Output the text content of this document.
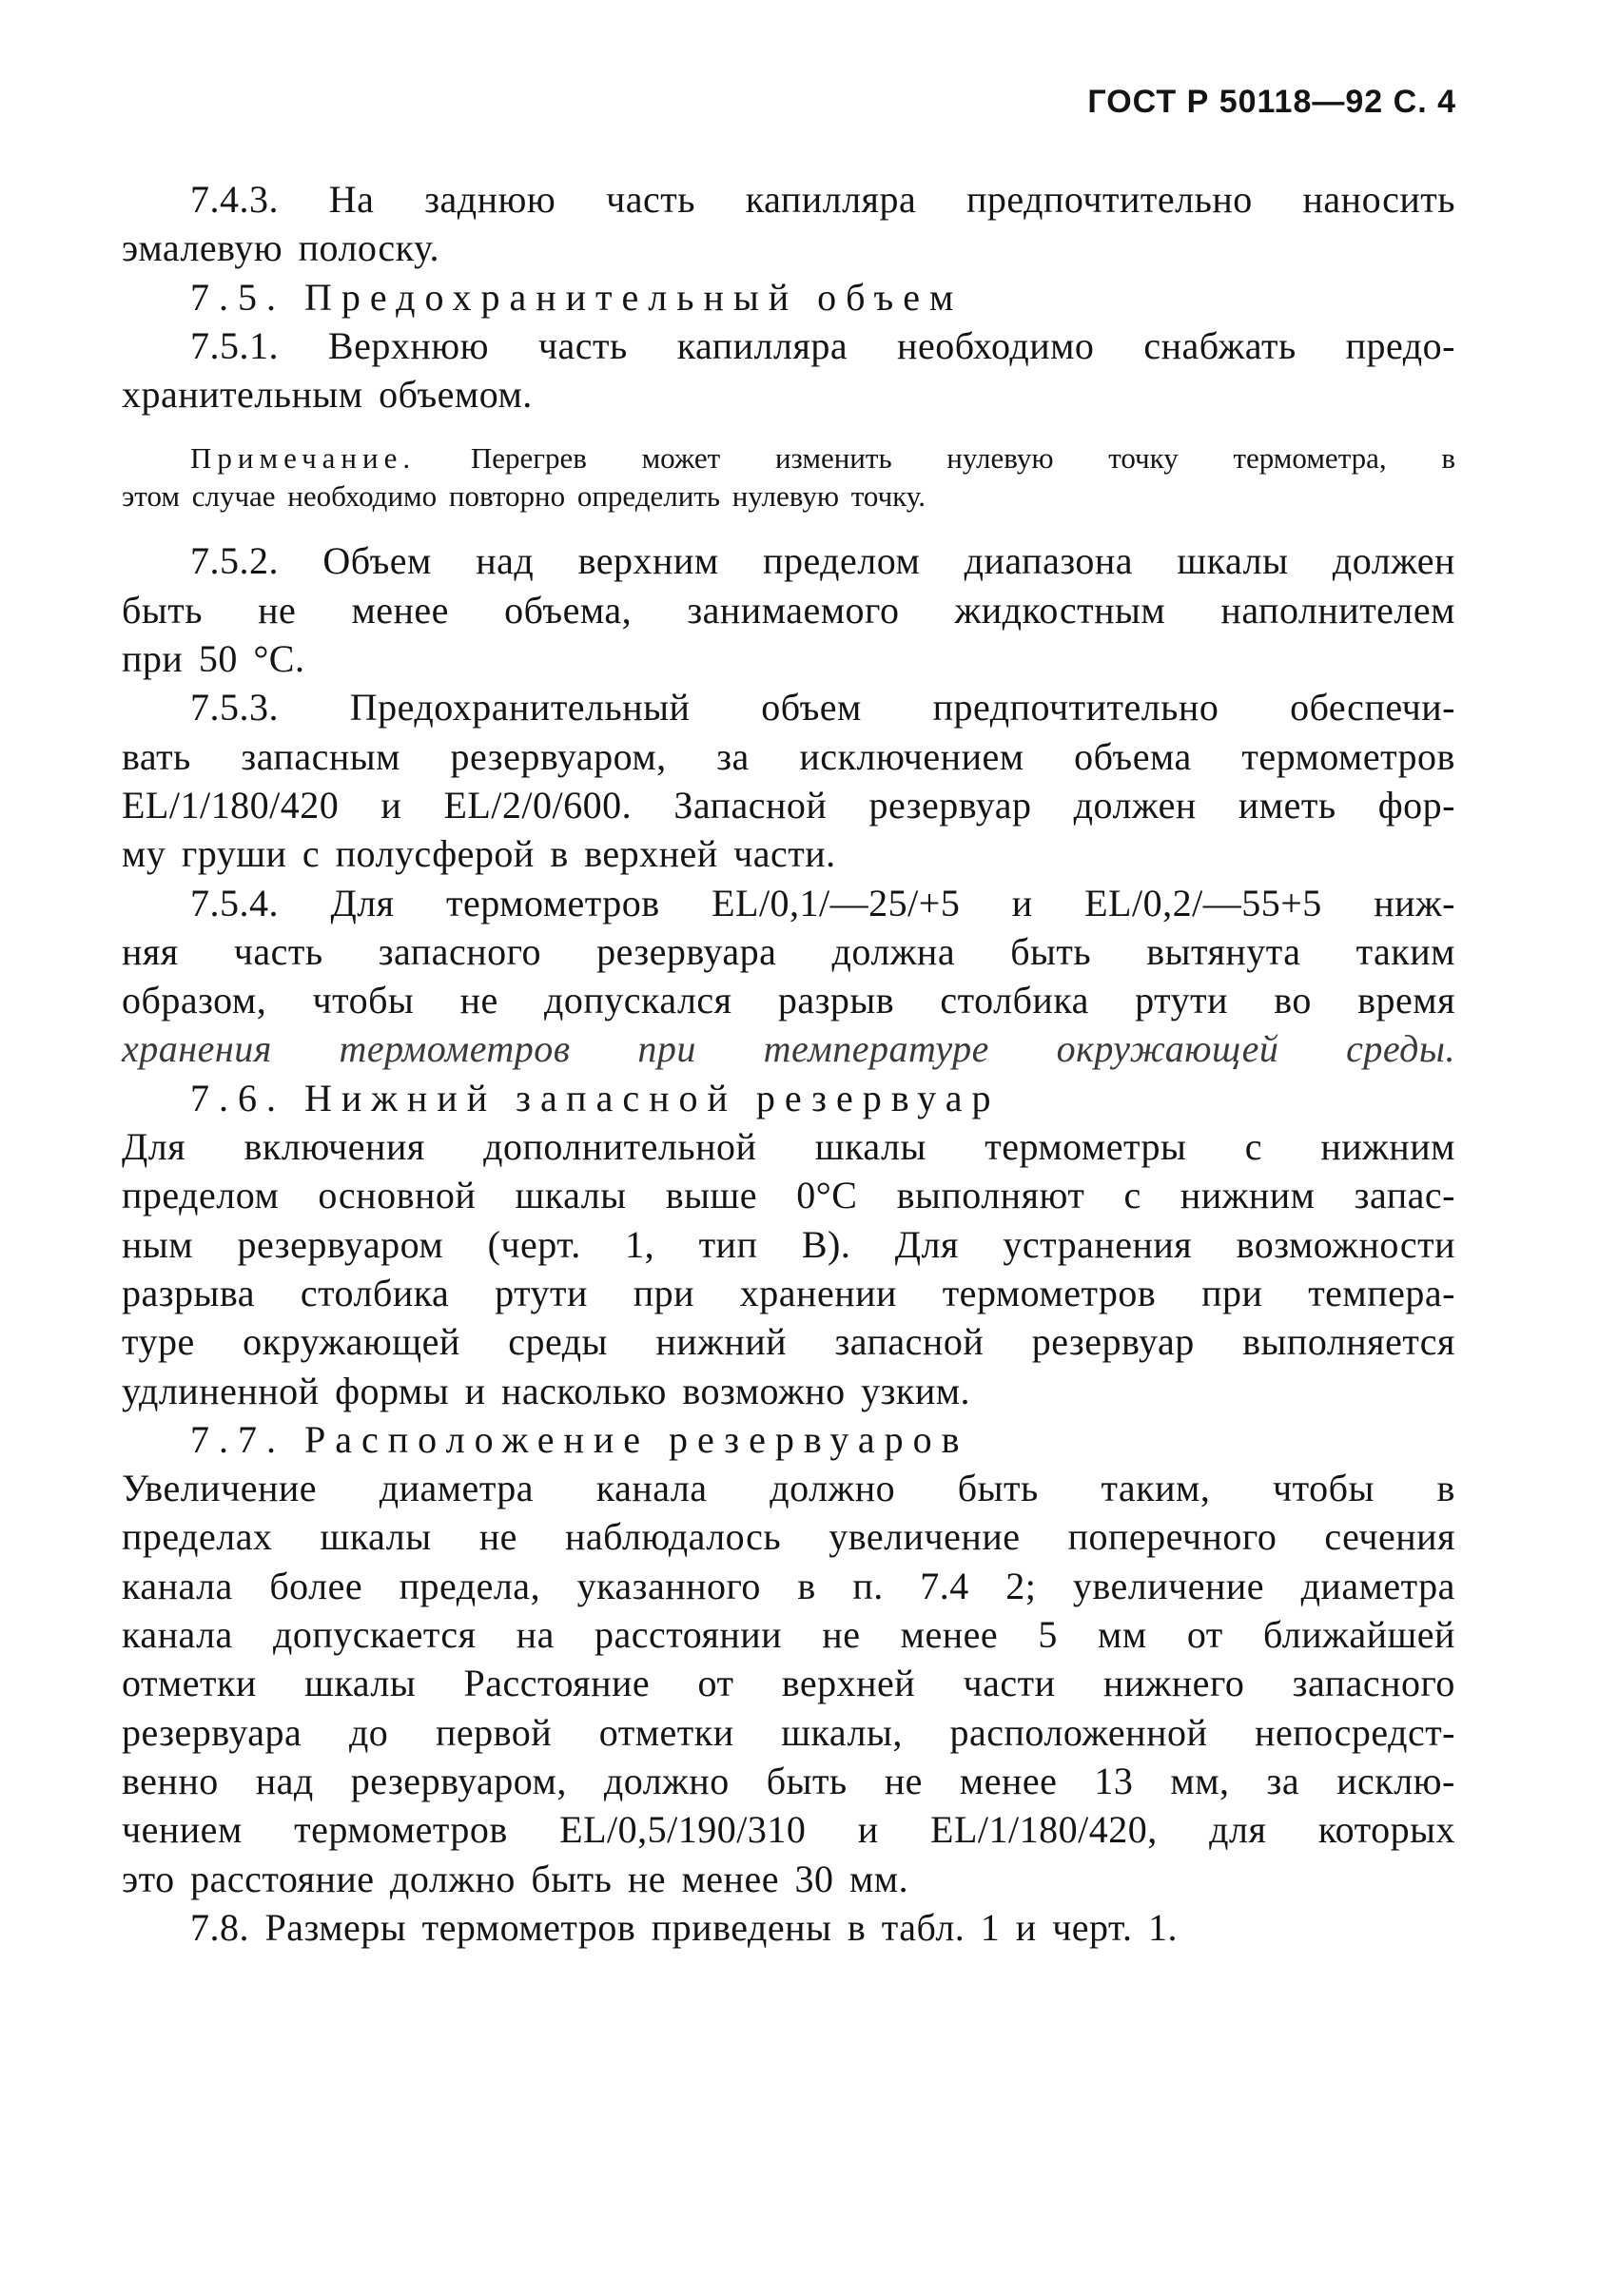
ГОСТ Р 50118—92 С. 4
7.4.3. На заднюю часть капилляра предпочтительно наносить
эмалевую полоску.
7.5. Предохранительный объем
7.5.1. Верхнюю часть капилляра необходимо снабжать предо-
хранительным объемом.
Примечание. Перегрев может изменить нулевую точку термометра, в
этом случае необходимо повторно определить нулевую точку.
7.5.2. Объем над верхним пределом диапазона шкалы должен
быть не менее объема, занимаемого жидкостным наполнителем
при 50 °С.
7.5.3. Предохранительный объем предпочтительно обеспечи-
вать запасным резервуаром, за исключением объема термометров
EL/1/180/420 и EL/2/0/600. Запасной резервуар должен иметь фор-
му груши с полусферой в верхней части.
7.5.4. Для термометров EL/0,1/—25/+5 и EL/0,2/—55+5 ниж-
няя часть запасного резервуара должна быть вытянута таким
образом, чтобы не допускался разрыв столбика ртути во время
хранения термометров при температуре окружающей среды.
7.6. Нижний запасной резервуар
Для включения дополнительной шкалы термометры с нижним
пределом основной шкалы выше 0°С выполняют с нижним запас-
ным резервуаром (черт. 1, тип В). Для устранения возможности
разрыва столбика ртути при хранении термометров при темпера-
туре окружающей среды нижний запасной резервуар выполняется
удлиненной формы и насколько возможно узким.
7.7. Расположение резервуаров
Увеличение диаметра канала должно быть таким, чтобы в
пределах шкалы не наблюдалось увеличение поперечного сечения
канала более предела, указанного в п. 7.4 2; увеличение диаметра
канала допускается на расстоянии не менее 5 мм от ближайшей
отметки шкалы Расстояние от верхней части нижнего запасного
резервуара до первой отметки шкалы, расположенной непосредст-
венно над резервуаром, должно быть не менее 13 мм, за исклю-
чением термометров EL/0,5/190/310 и EL/1/180/420, для которых
это расстояние должно быть не менее 30 мм.
7.8. Размеры термометров приведены в табл. 1 и черт. 1.
